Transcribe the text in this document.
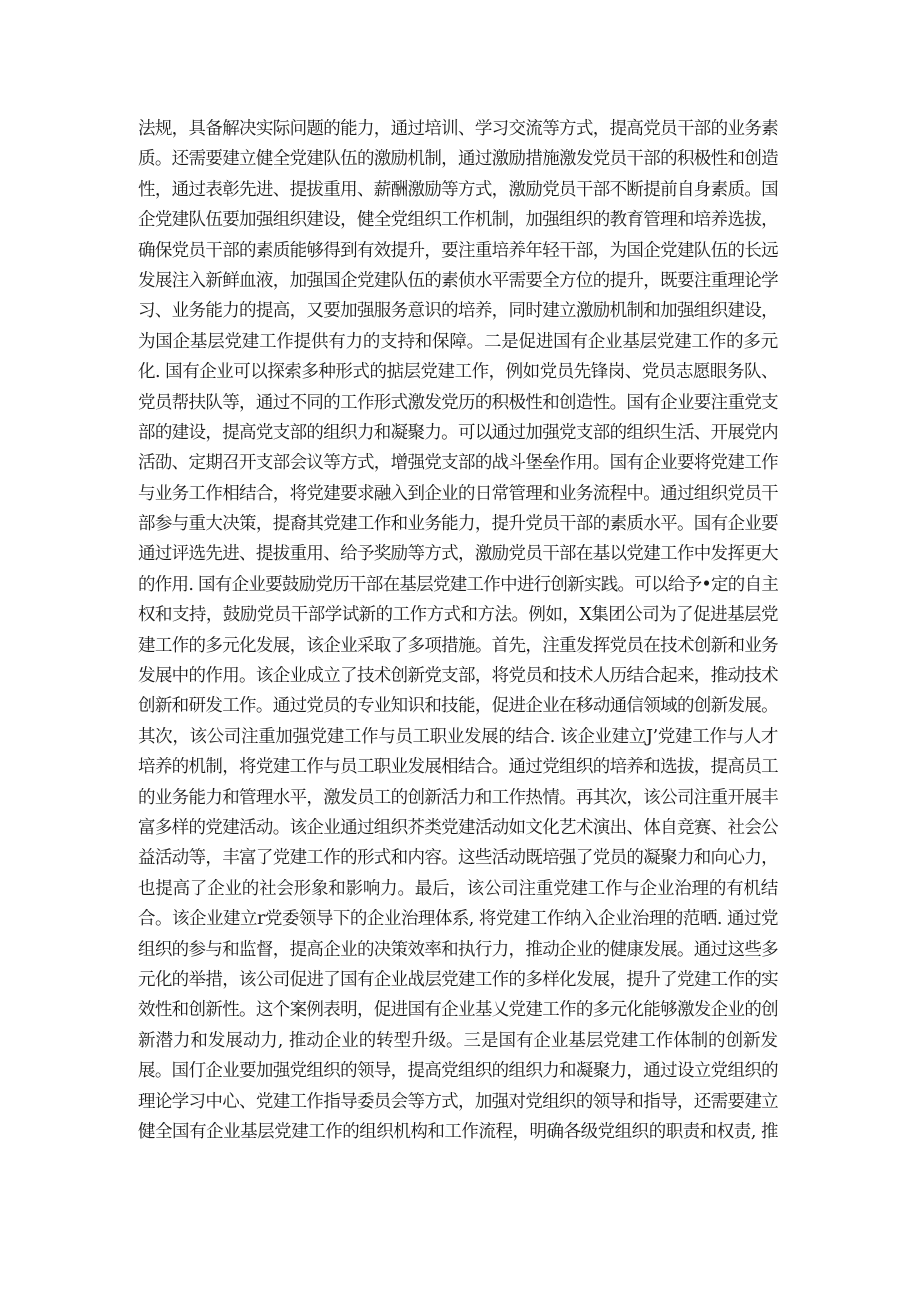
法规，具备解决实际问题的能力，通过培训、学习交流等方式，提高党员干部的业务素
质。还需要建立健全党建队伍的激励机制，通过激励措施激发党员干部的积极性和创造
性，通过表彰先进、提拔重用、薪酬激励等方式，激励党员干部不断提前自身素质。国
企党建队伍要加强组织建设，健全党组织工作机制，加强组织的教育管理和培养选拔，
确保党员干部的素质能够得到有效提升，要注重培养年轻干部，为国企党建队伍的长远
发展注入新鲜血液，加强国企党建队伍的素侦水平需要全方位的提升，既要注重理论学
习、业务能力的提高，又要加强服务意识的培养，同时建立激励机制和加强组织建设，
为国企基层党建工作提供有力的支持和保障。二是促进国有企业基层党建工作的多元
化. 国有企业可以探索多种形式的掂层党建工作，例如党员先锋岗、党员志愿眼务队、
党员帮扶队等，通过不同的工作形式激发党历的积极性和创造性。国有企业要注重党支
部的建设，提高党支部的组织力和凝聚力。可以通过加强党支部的组织生活、开展党内
活劭、定期召开支部会议等方式，增强党支部的战斗堡垒作用。国有企业要将党建工作
与业务工作相结合，将党建要求融入到企业的日常管理和业务流程中。通过组织党员干
部参与重大决策，提裔其党建工作和业务能力，提升党员干部的素质水平。国有企业要
通过评选先进、提拔重用、给予奖励等方式，激励党员干部在基以党建工作中发挥更大
的作用. 国有企业要鼓励党历干部在基层党建工作中进行创新实践。可以给予•定的自主
权和支持，鼓励党员干部学试新的工作方式和方法。例如，X集团公司为了促进基层党
建工作的多元化发展，该企业采取了多项措施。首先，注重发挥党员在技术创新和业务
发展中的作用。该企业成立了技术创新党支部，将党员和技术人历结合起来，推动技术
创新和研发工作。通过党员的专业知识和技能，促进企业在移动通信领域的创新发展。
其次，该公司注重加强党建工作与员工职业发展的结合. 该企业建立J’党建工作与人才
培养的机制，将党建工作与员工职业发展相结合。通过党组织的培养和选拔，提高员工
的业务能力和管理水平，激发员工的创新活力和工作热情。再其次，该公司注重开展丰
富多样的党建活动。该企业通过组织芥类党建活动如文化艺术演出、体自竞赛、社会公
益活动等，丰富了党建工作的形式和内容。这些活动既培强了党员的凝聚力和向心力，
也提高了企业的社会形象和影响力。最后，该公司注重党建工作与企业治理的有机结
合。该企业建立r党委领导下的企业治理体系, 将党建工作纳入企业治理的范晒. 通过党
组织的参与和监督，提高企业的决策效率和执行力，推动企业的健康发展。通过这些多
元化的举措，该公司促进了国有企业战层党建工作的多样化发展，提升了党建工作的实
效性和创新性。这个案例表明，促进国有企业基乂党建工作的多元化能够激发企业的创
新潜力和发展动力, 推动企业的转型升级。三是国有企业基层党建工作体制的创新发
展。国仃企业要加强党组织的领导，提高党组织的组织力和凝聚力，通过设立党组织的
理论学习中心、党建工作指导委员会等方式，加强对党组织的领导和指导，还需要建立
健全国有企业基层党建工作的组织机构和工作流程，明确各级党组织的职责和权责, 推
